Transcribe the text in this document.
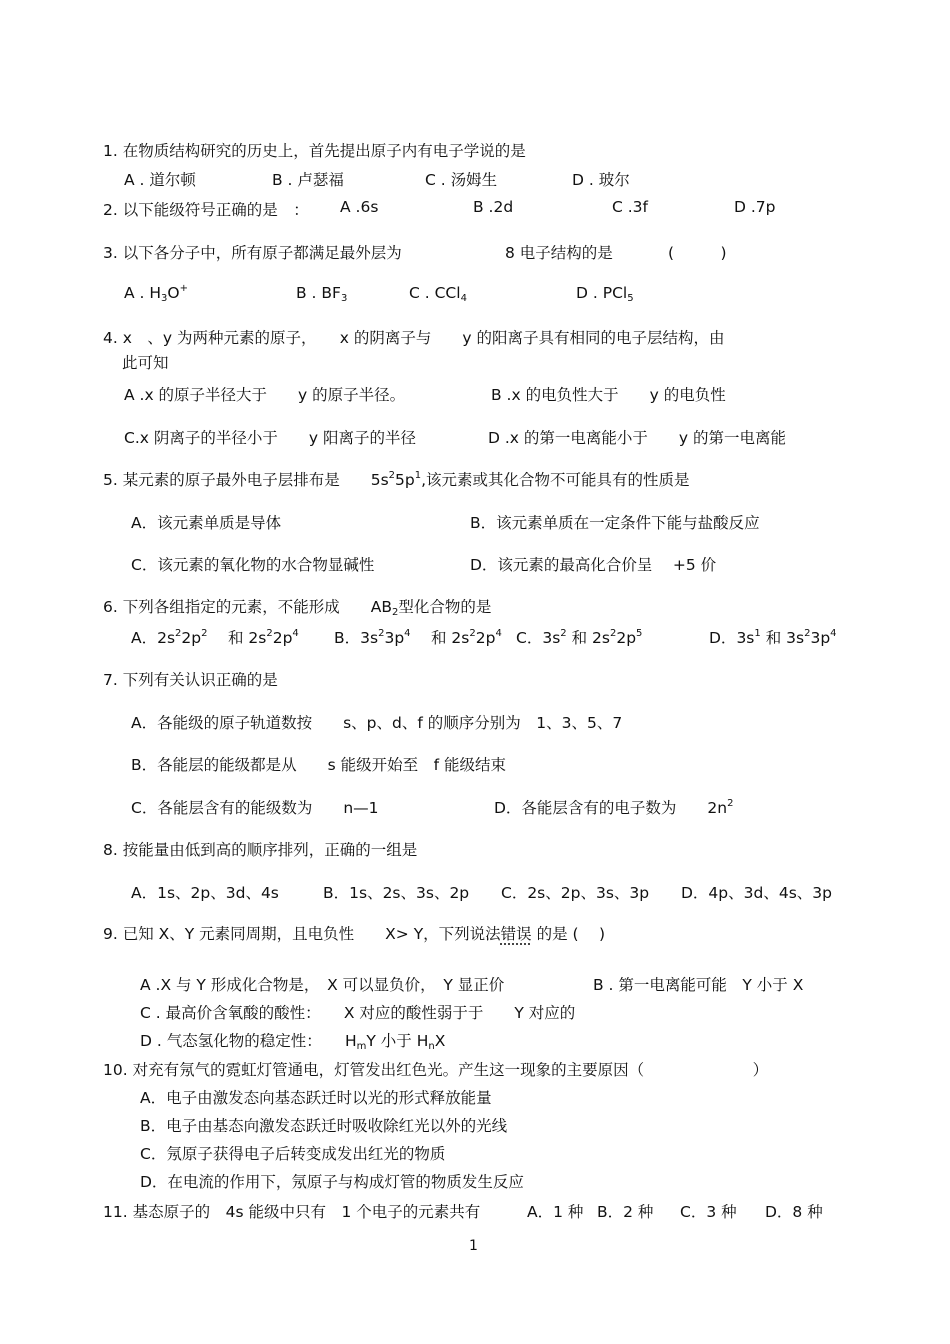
1. 在物质结构研究的历史上，首先提出原子内有电子学说的是
A . 道尔顿	B . 卢瑟福	C . 汤姆生	D . 玻尔
2. 以下能级符号正确的是　： A .6s	B .2d	C .3f	D .7p
3. 以下各分子中，所有原子都满足最外层为	8 电子结构的是	(　　　)
A . $H_3O^+$	B . $BF_3$	C . CCl$_4$	D . PCl$_5$
4. x　、y 为两种元素的原子，　　x 的阴离子与　　y 的阳离子具有相同的电子层结构，由
此可知
A .x 的原子半径大于　　y 的原子半径。	B .x 的电负性大于　　y 的电负性
C.x 阴离子的半径小于　　y 阳离子的半径	D .x 的第一电离能小于　　y 的第一电离能
5. 某元素的原子最外电子层排布是　　 $5s^25p^1$,该元素或其化合物不可能具有的性质是
A．该元素单质是导体	B．该元素单质在一定条件下能与盐酸反应
C．该元素的氧化物的水合物显碱性	D．该元素的最高化合价呈　 +5 价
6. 下列各组指定的元素，不能形成　　 $AB_2$型化合物的是
A．$2s^22p^2$　 和 $2s^22p^4$ B．$3s^23p^4$　 和 $2s^22p^4$ C．$3s^2$ 和 $2s^22p^5$	D．$3s^1$ 和 $3s^23p^4$
7. 下列有关认识正确的是
A．各能级的原子轨道数按　　s、p、d、f 的顺序分别为　1、3、5、7
B．各能层的能级都是从　　s 能级开始至　f 能级结束
C．各能层含有的能级数为　　n—1	D．各能层含有的电子数为　　$2n^2$
8. 按能量由低到高的顺序排列，正确的一组是
A．1s、2p、3d、4s	B．1s、2s、3s、2p C．2s、2p、3s、3p D．4p、3d、4s、3p
9. 已知 X、Y 元素同周期，且电负性　　X> Y，下列说法错误 的是 (　 )
A .X 与 Y 形成化合物是，　X 可以显负价，　Y 显正价	B . 第一电离能可能　Y 小于 X
C . 最高价含氧酸的酸性：　　X 对应的酸性弱于于　　Y 对应的
D . 气态氢化物的稳定性：　　$H_mY$ 小于 $H_nX$
10. 对充有氖气的霓虹灯管通电，灯管发出红色光。产生这一现象的主要原因（　　　　　　　）
A．电子由激发态向基态跃迁时以光的形式释放能量
B．电子由基态向激发态跃迁时吸收除红光以外的光线
C．氖原子获得电子后转变成发出红光的物质
D．在电流的作用下，氖原子与构成灯管的物质发生反应
11. 基态原子的　4s 能级中只有　1 个电子的元素共有	A．1 种 B．2 种 C．3 种 D．8 种
1
